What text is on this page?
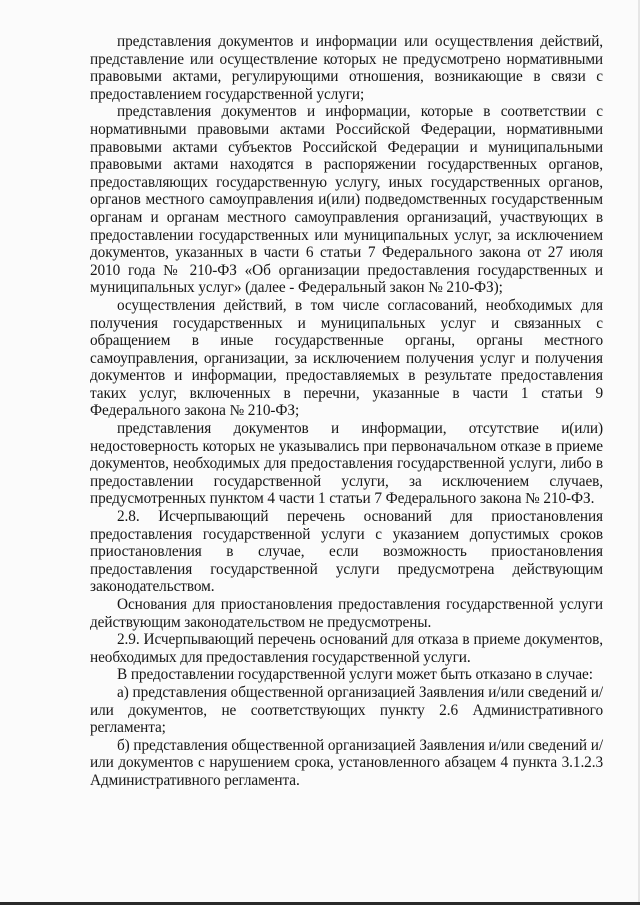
представления документов и информации или осуществления действий, представление или осуществление которых не предусмотрено нормативными правовыми актами, регулирующими отношения, возникающие в связи с предоставлением государственной услуги;

представления документов и информации, которые в соответствии с нормативными правовыми актами Российской Федерации, нормативными правовыми актами субъектов Российской Федерации и муниципальными правовыми актами находятся в распоряжении государственных органов, предоставляющих государственную услугу, иных государственных органов, органов местного самоуправления и(или) подведомственных государственным органам и органам местного самоуправления организаций, участвующих в предоставлении государственных или муниципальных услуг, за исключением документов, указанных в части 6 статьи 7 Федерального закона от 27 июля 2010 года № 210-ФЗ «Об организации предоставления государственных и муниципальных услуг» (далее - Федеральный закон № 210-ФЗ);

осуществления действий, в том числе согласований, необходимых для получения государственных и муниципальных услуг и связанных с обращением в иные государственные органы, органы местного самоуправления, организации, за исключением получения услуг и получения документов и информации, предоставляемых в результате предоставления таких услуг, включенных в перечни, указанные в части 1 статьи 9 Федерального закона № 210-ФЗ;

представления документов и информации, отсутствие и(или) недостоверность которых не указывались при первоначальном отказе в приеме документов, необходимых для предоставления государственной услуги, либо в предоставлении государственной услуги, за исключением случаев, предусмотренных пунктом 4 части 1 статьи 7 Федерального закона № 210-ФЗ.

2.8. Исчерпывающий перечень оснований для приостановления предоставления государственной услуги с указанием допустимых сроков приостановления в случае, если возможность приостановления предоставления государственной услуги предусмотрена действующим законодательством.

Основания для приостановления предоставления государственной услуги действующим законодательством не предусмотрены.

2.9. Исчерпывающий перечень оснований для отказа в приеме документов, необходимых для предоставления государственной услуги.

В предоставлении государственной услуги может быть отказано в случае:

а) представления общественной организацией Заявления и/или сведений и/или документов, не соответствующих пункту 2.6 Административного регламента;

б) представления общественной организацией Заявления и/или сведений и/или документов с нарушением срока, установленного абзацем 4 пункта 3.1.2.3 Административного регламента.
